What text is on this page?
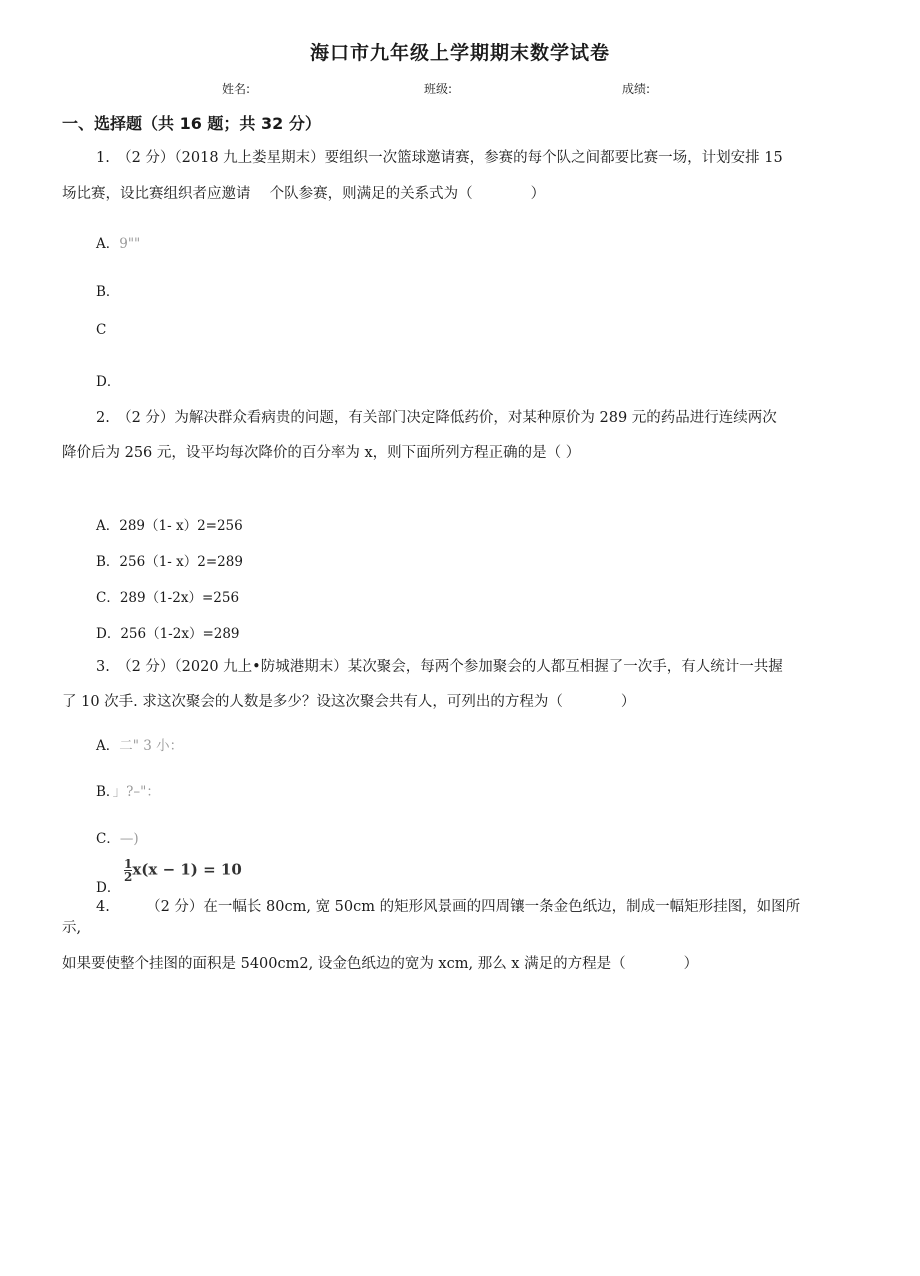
海口市九年级上学期期末数学试卷
姓名:	班级:	成绩:
一、选择题（共 16 题；共 32 分）
1.　（2 分）（2018 九上娄星期末）要组织一次篮球邀请赛，参赛的每个队之间都要比赛一场，计划安排 15
场比赛，设比赛组织者应邀请　 个队参赛，则满足的关系式为（　　　　）
A．9""
B．
C
D．
2.　（2 分）为解决群众看病贵的问题，有关部门决定降低药价，对某种原价为 289 元的药品进行连续两次
降价后为 256 元，设平均每次降价的百分率为 x，则下面所列方程正确的是（ ）
A．289（1- x）2=256
B．256（1- x）2=289
C．289（1-2x）=256
D．256（1-2x）=289
3.　（2 分）（2020 九上•防城港期末）某次聚会，每两个参加聚会的人都互相握了一次手，有人统计一共握
了 10 次手. 求这次聚会的人数是多少？设这次聚会共有人，可列出的方程为（　　　　）
A．二" 3 小：
B．」?–"：
C．—)
D．
$\frac{1}{2} x(x - 1) = 10$
4.　　　（2 分）在一幅长 80cm, 宽 50cm 的矩形风景画的四周镶一条金色纸边，制成一幅矩形挂图，如图所
示,
如果要使整个挂图的面积是 5400cm2, 设金色纸边的宽为 xcm, 那么 x 满足的方程是（　　　　）
